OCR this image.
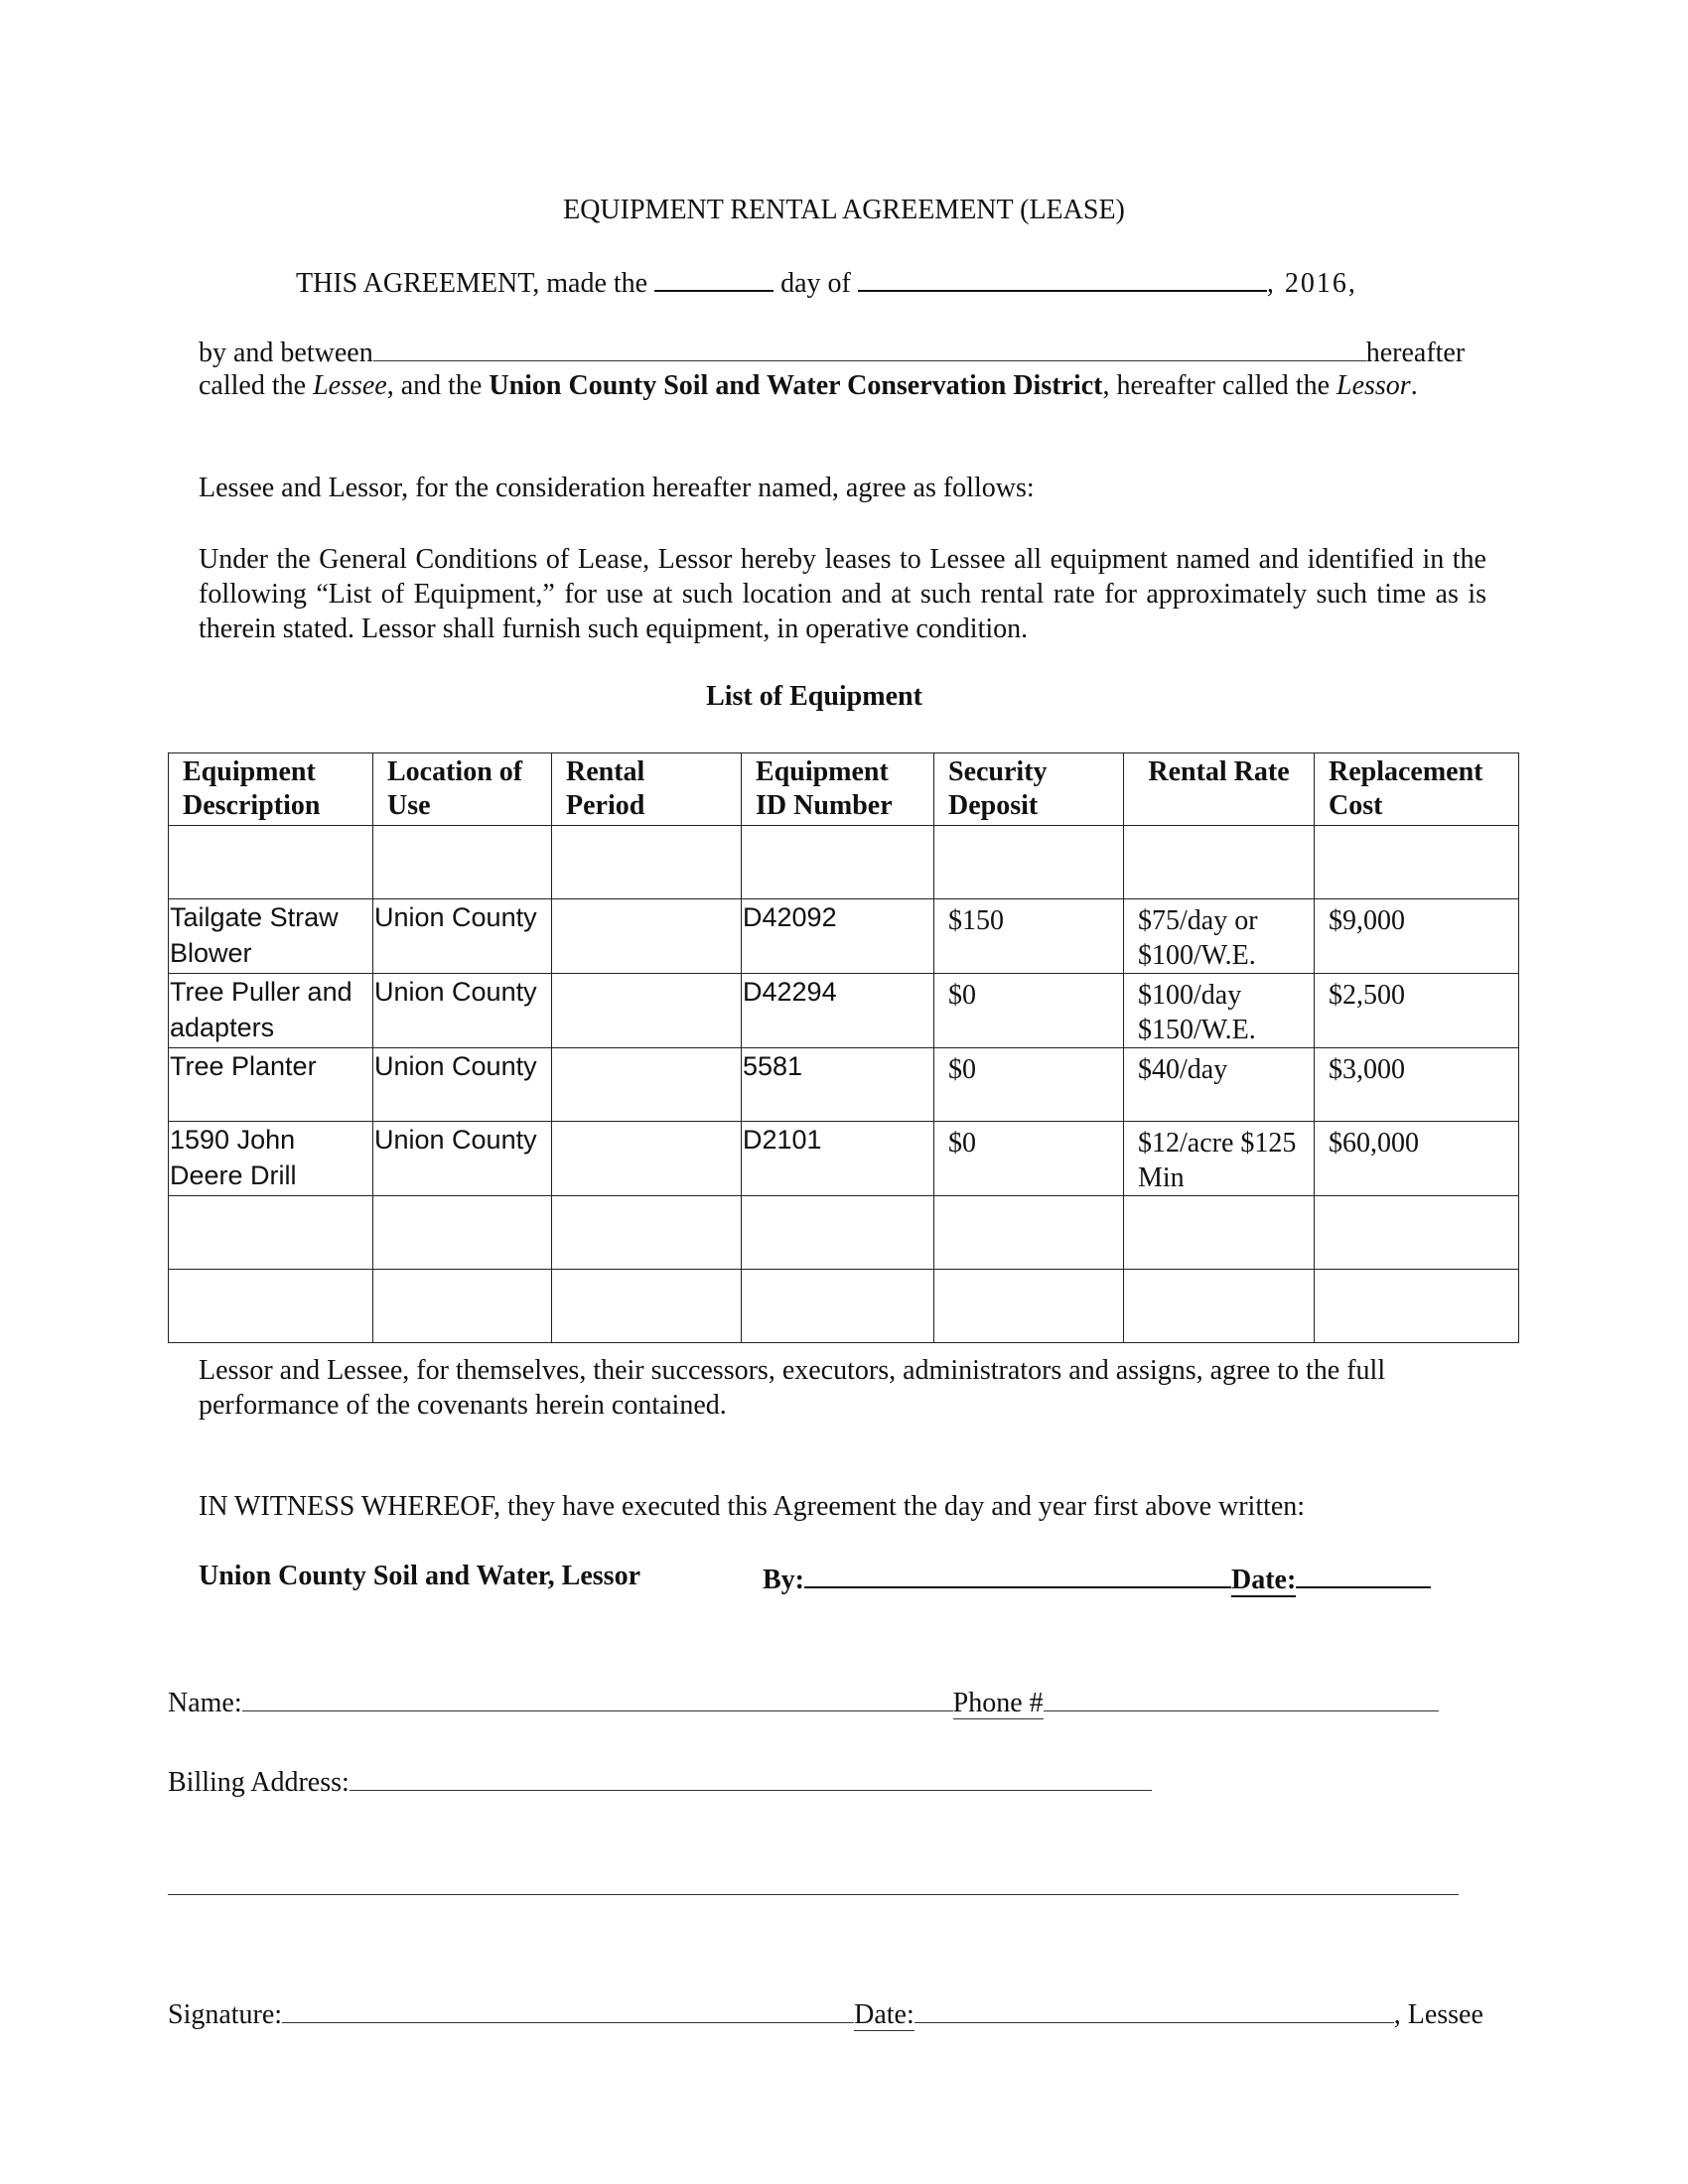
EQUIPMENT RENTAL AGREEMENT (LEASE)
THIS AGREEMENT, made the	day of	, 2016,
by and between	hereafter
called the Lessee, and the Union County Soil and Water Conservation District, hereafter called the Lessor.
Lessee and Lessor, for the consideration hereafter named, agree as follows:
Under the General Conditions of Lease, Lessor hereby leases to Lessee all equipment named and identified in the following “List of Equipment,” for use at such location and at such rental rate for approximately such time as is therein stated. Lessor shall furnish such equipment, in operative condition.
List of Equipment
Equipment Description	Location of Use	Rental Period	Equipment ID Number	Security Deposit	Rental Rate	Replacement Cost

Tailgate Straw Blower	Union County		D42092	$150	$75/day or $100/W.E.	$9,000
Tree Puller and adapters	Union County		D42294	$0	$100/day $150/W.E.	$2,500
Tree Planter	Union County		5581	$0	$40/day	$3,000
1590 John Deere Drill	Union County		D2101	$0	$12/acre $125 Min	$60,000

Lessor and Lessee, for themselves, their successors, executors, administrators and assigns, agree to the full performance of the covenants herein contained.
IN WITNESS WHEREOF, they have executed this Agreement the day and year first above written:
Union County Soil and Water, Lessor	By:	Date:
Name:	Phone #
Billing Address:
Signature:	Date:	, Lessee
